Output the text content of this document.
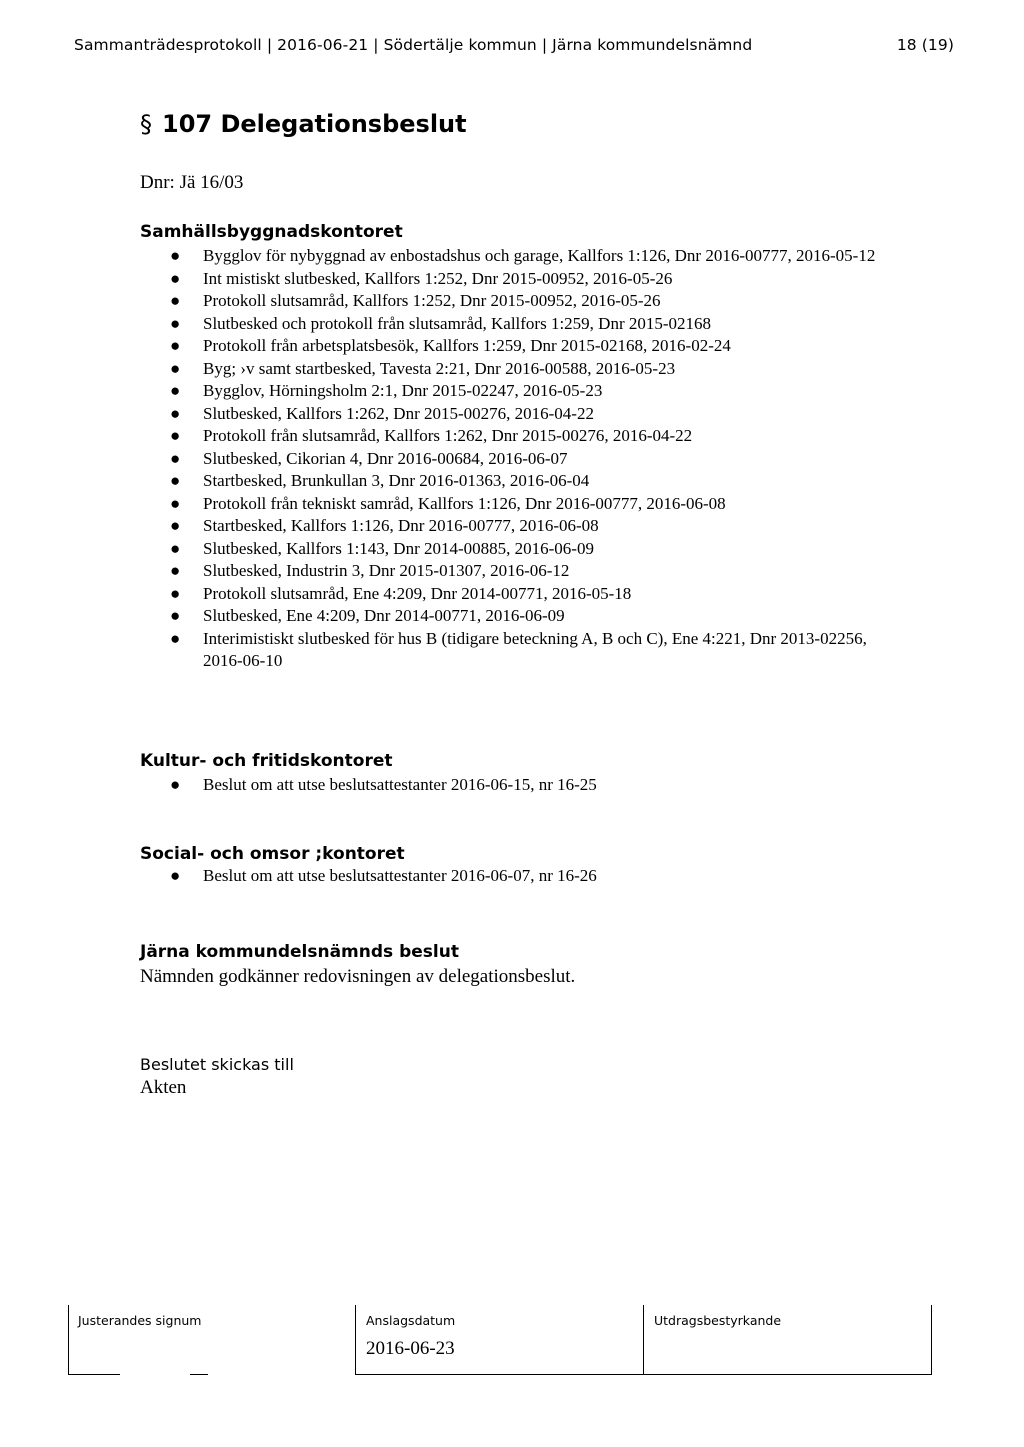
Sammanträdesprotokoll | 2016-06-21 | Södertälje kommun | Järna kommundelsnämnd	18 (19)
§ 107 Delegationsbeslut
Dnr: Jä 16/03
Samhällsbyggnadskontoret
● Bygglov för nybyggnad av enbostadshus och garage, Kallfors 1:126, Dnr 2016-00777, 2016-05-12
● Int mistiskt slutbesked, Kallfors 1:252, Dnr 2015-00952, 2016-05-26
● Protokoll slutsamråd, Kallfors 1:252, Dnr 2015-00952, 2016-05-26
● Slutbesked och protokoll från slutsamråd, Kallfors 1:259, Dnr 2015-02168
● Protokoll från arbetsplatsbesök, Kallfors 1:259, Dnr 2015-02168, 2016-02-24
● Byg; ›v samt startbesked, Tavesta 2:21, Dnr 2016-00588, 2016-05-23
● Bygglov, Hörningsholm 2:1, Dnr 2015-02247, 2016-05-23
● Slutbesked, Kallfors 1:262, Dnr 2015-00276, 2016-04-22
● Protokoll från slutsamråd, Kallfors 1:262, Dnr 2015-00276, 2016-04-22
● Slutbesked, Cikorian 4, Dnr 2016-00684, 2016-06-07
● Startbesked, Brunkullan 3, Dnr 2016-01363, 2016-06-04
● Protokoll från tekniskt samråd, Kallfors 1:126, Dnr 2016-00777, 2016-06-08
● Startbesked, Kallfors 1:126, Dnr 2016-00777, 2016-06-08
● Slutbesked, Kallfors 1:143, Dnr 2014-00885, 2016-06-09
● Slutbesked, Industrin 3, Dnr 2015-01307, 2016-06-12
● Protokoll slutsamråd, Ene 4:209, Dnr 2014-00771, 2016-05-18
● Slutbesked, Ene 4:209, Dnr 2014-00771, 2016-06-09
● Interimistiskt slutbesked för hus B (tidigare beteckning A, B och C), Ene 4:221, Dnr 2013-02256, 2016-06-10
Kultur- och fritidskontoret
● Beslut om att utse beslutsattestanter 2016-06-15, nr 16-25
Social- och omsor ;kontoret
● Beslut om att utse beslutsattestanter 2016-06-07, nr 16-26
Järna kommundelsnämnds beslut
Nämnden godkänner redovisningen av delegationsbeslut.
Beslutet skickas till
Akten
Justerandes signum	Anslagsdatum
2016-06-23
Utdragsbestyrkande
